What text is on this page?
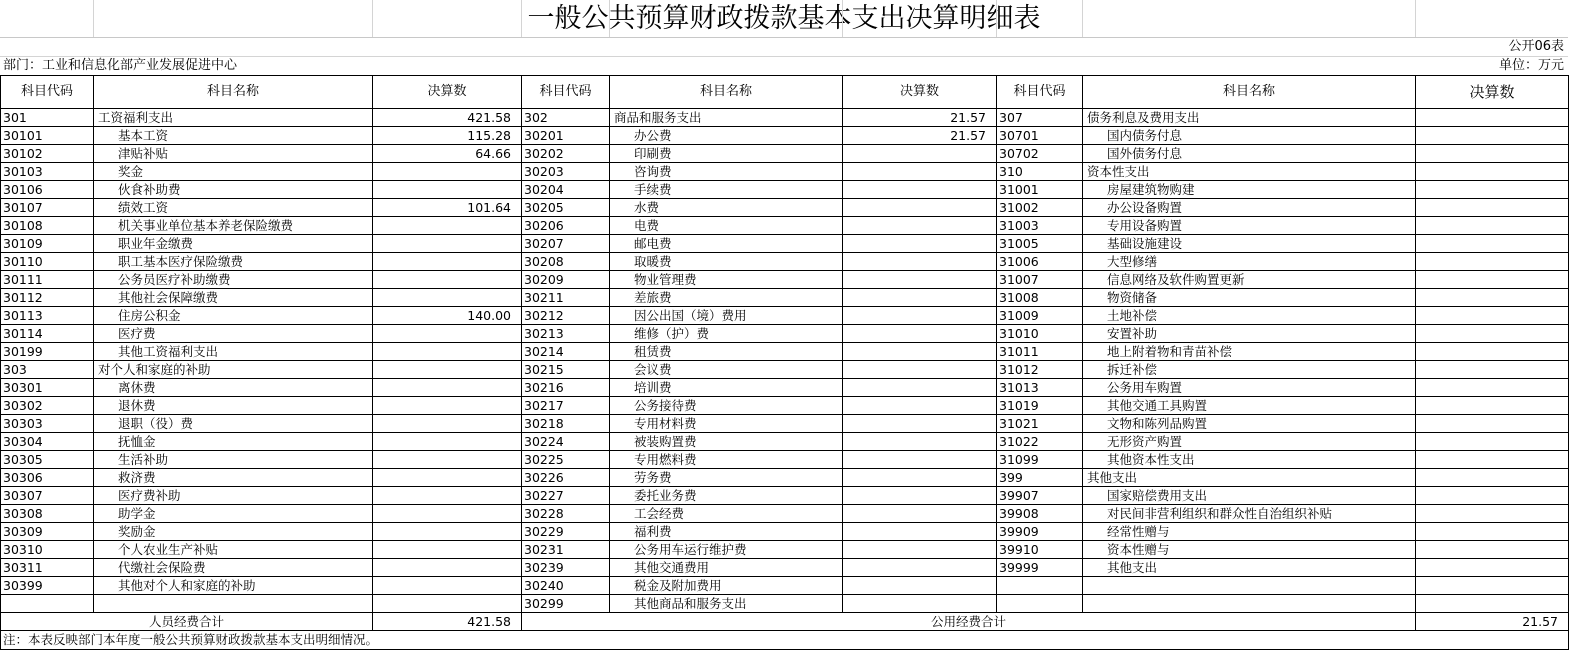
一般公共预算财政拨款基本支出决算明细表
公开06表
部门：工业和信息化部产业发展促进中心	单位：万元
科目代码	科目名称	决算数	科目代码	科目名称	决算数	科目代码	科目名称	决算数
301	工资福利支出	421.58	302	商品和服务支出	21.57	307	债务利息及费用支出	
30101	基本工资	115.28	30201	办公费	21.57	30701	国内债务付息	
30102	津贴补贴	64.66	30202	印刷费		30702	国外债务付息	
30103	奖金		30203	咨询费		310	资本性支出	
30106	伙食补助费		30204	手续费		31001	房屋建筑物购建	
30107	绩效工资	101.64	30205	水费		31002	办公设备购置	
30108	机关事业单位基本养老保险缴费		30206	电费		31003	专用设备购置	
30109	职业年金缴费		30207	邮电费		31005	基础设施建设	
30110	职工基本医疗保险缴费		30208	取暖费		31006	大型修缮	
30111	公务员医疗补助缴费		30209	物业管理费		31007	信息网络及软件购置更新	
30112	其他社会保障缴费		30211	差旅费		31008	物资储备	
30113	住房公积金	140.00	30212	因公出国（境）费用		31009	土地补偿	
30114	医疗费		30213	维修（护）费		31010	安置补助	
30199	其他工资福利支出		30214	租赁费		31011	地上附着物和青苗补偿	
303	对个人和家庭的补助		30215	会议费		31012	拆迁补偿	
30301	离休费		30216	培训费		31013	公务用车购置	
30302	退休费		30217	公务接待费		31019	其他交通工具购置	
30303	退职（役）费		30218	专用材料费		31021	文物和陈列品购置	
30304	抚恤金		30224	被装购置费		31022	无形资产购置	
30305	生活补助		30225	专用燃料费		31099	其他资本性支出	
30306	救济费		30226	劳务费		399	其他支出	
30307	医疗费补助		30227	委托业务费		39907	国家赔偿费用支出	
30308	助学金		30228	工会经费		39908	对民间非营利组织和群众性自治组织补贴	
30309	奖励金		30229	福利费		39909	经常性赠与	
30310	个人农业生产补贴		30231	公务用车运行维护费		39910	资本性赠与	
30311	代缴社会保险费		30239	其他交通费用		39999	其他支出	
30399	其他对个人和家庭的补助		30240	税金及附加费用				
			30299	其他商品和服务支出				
人员经费合计		421.58	公用经费合计					21.57
注：本表反映部门本年度一般公共预算财政拨款基本支出明细情况。								
